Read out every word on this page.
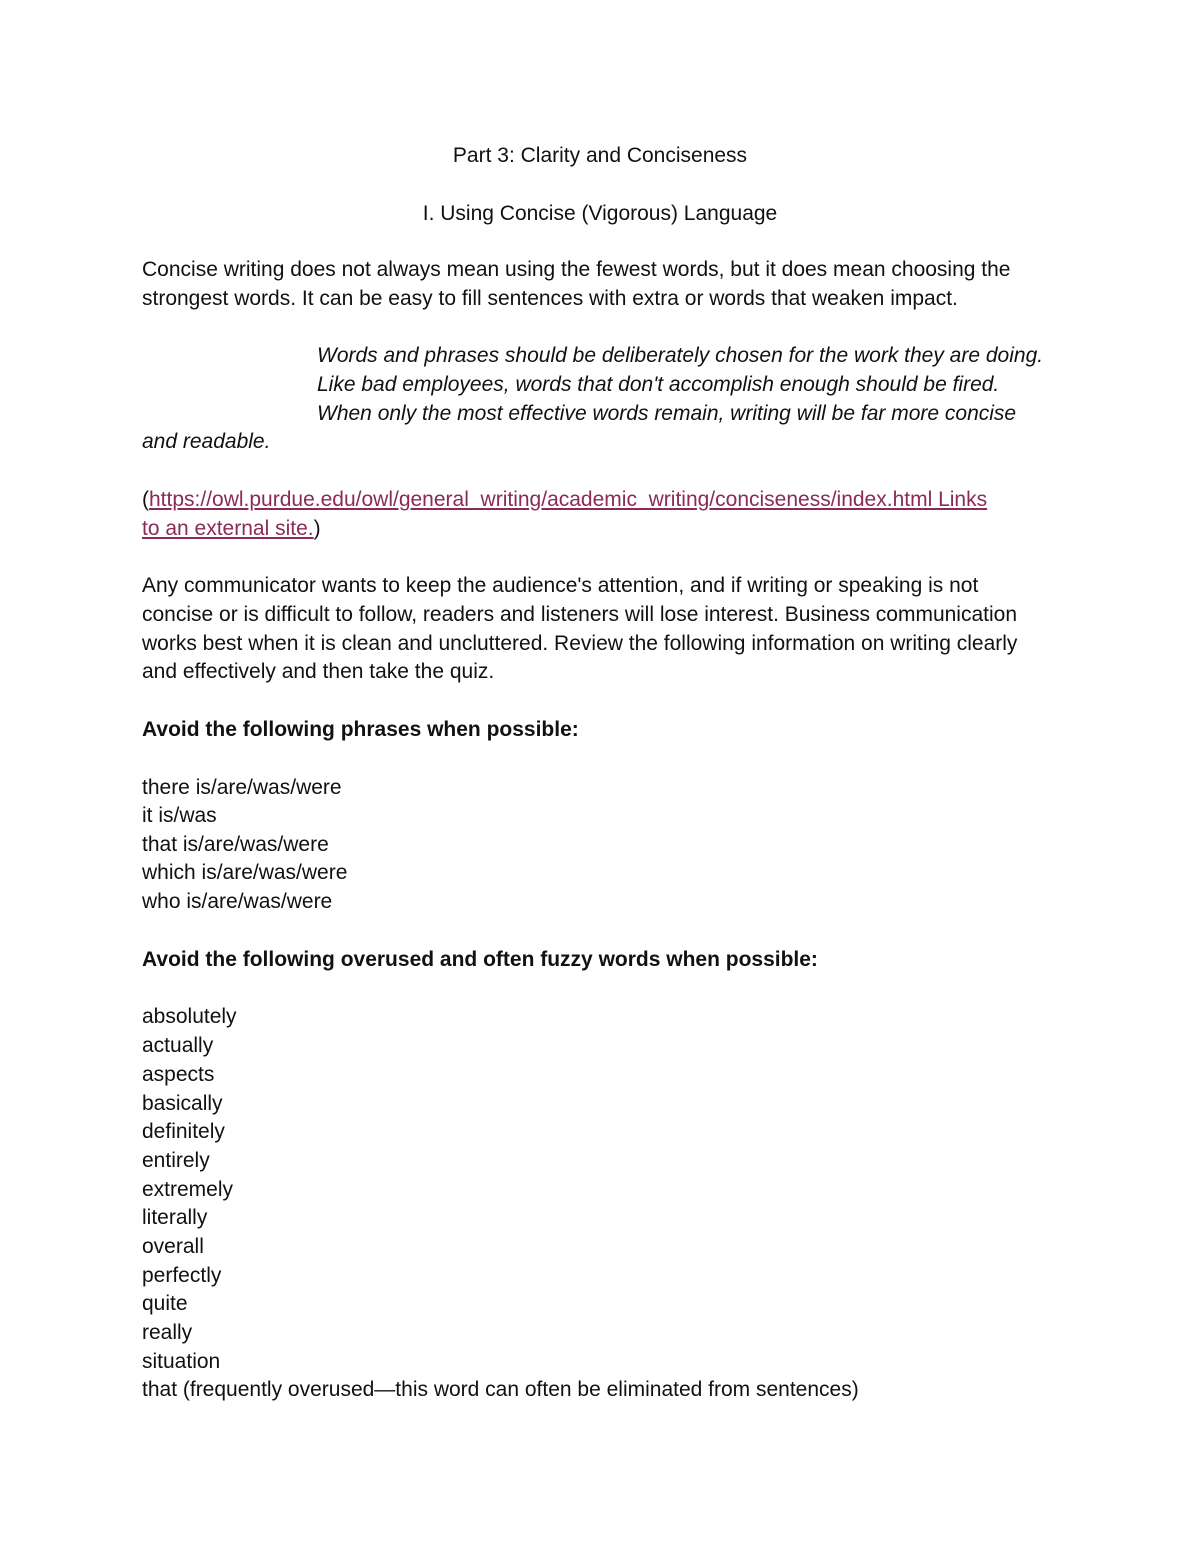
Part 3: Clarity and Conciseness
I. Using Concise (Vigorous) Language
Concise writing does not always mean using the fewest words, but it does mean choosing the
strongest words. It can be easy to fill sentences with extra or words that weaken impact.
Words and phrases should be deliberately chosen for the work they are doing.
Like bad employees, words that don't accomplish enough should be fired.
When only the most effective words remain, writing will be far more concise
and readable.
(https://owl.purdue.edu/owl/general_writing/academic_writing/conciseness/index.html Links
to an external site.)
Any communicator wants to keep the audience's attention, and if writing or speaking is not
concise or is difficult to follow, readers and listeners will lose interest. Business communication
works best when it is clean and uncluttered. Review the following information on writing clearly
and effectively and then take the quiz.
Avoid the following phrases when possible:
there is/are/was/were
it is/was
that is/are/was/were
which is/are/was/were
who is/are/was/were
Avoid the following overused and often fuzzy words when possible:
absolutely
actually
aspects
basically
definitely
entirely
extremely
literally
overall
perfectly
quite
really
situation
that (frequently overused—this word can often be eliminated from sentences)
